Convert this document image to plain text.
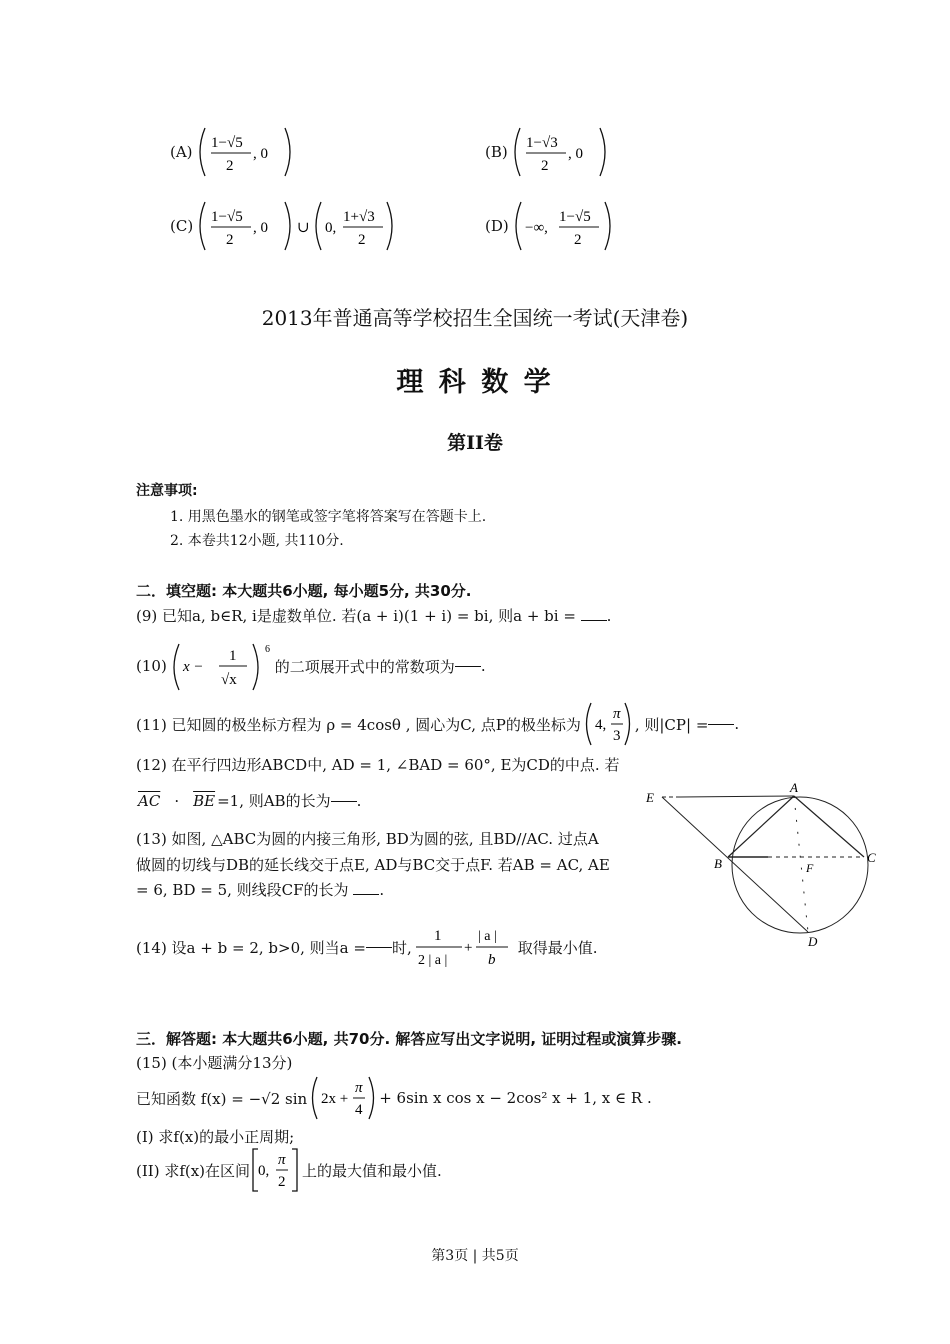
(A) 1−√5
2
, 0	(B) 1−√3
2
, 0
(C) 1−√5
2
, 0 ∪ 0,
1+√3
2
(D) −∞,
1−√5
2
2013年普通高等学校招生全国统一考试(天津卷)
理 科 数 学
第II卷
注意事项:
1. 用黑色墨水的钢笔或签字笔将答案写在答题卡上.
2. 本卷共12小题, 共110分.
二．填空题: 本大题共6小题, 每小题5分, 共30分.
(9) 已知a, b∈R, i是虚数单位. 若(a + i)(1 + i) = bi, 则a + bi = .
(10) x −
1
√x
6
的二项展开式中的常数项为 .
(11) 已知圆的极坐标方程为 ρ = 4cosθ , 圆心为C, 点P的极坐标为 4,
π
3
, 则|CP| = .
(12) 在平行四边形ABCD中, AD = 1, ∠BAD = 60°, E为CD的中点. 若
$\overline{AC} \cdot \overline{BE} =1$, 则AB的长为 .
(13) 如图, △ABC为圆的内接三角形, BD为圆的弦, 且BD//AC. 过点A
做圆的切线与DB的延长线交于点E, AD与BC交于点F. 若AB = AC, AE
= 6, BD = 5, 则线段CF的长为 .
(14) 设a + b = 2, b>0, 则当a = 时,
1
2 | a |
+
| a |
b
取得最小值.
E
A
B	C
D
F
三．解答题: 本大题共6小题, 共70分. 解答应写出文字说明, 证明过程或演算步骤.
(15) (本小题满分13分)
已知函数 f(x) = −√2 sin 2x +
π
4
+ 6sin x cos x − 2cos² x + 1, x ∈ R .
(I) 求f(x)的最小正周期;
(II) 求f(x)在区间 0,
π
2
上的最大值和最小值.
第3页 | 共5页
